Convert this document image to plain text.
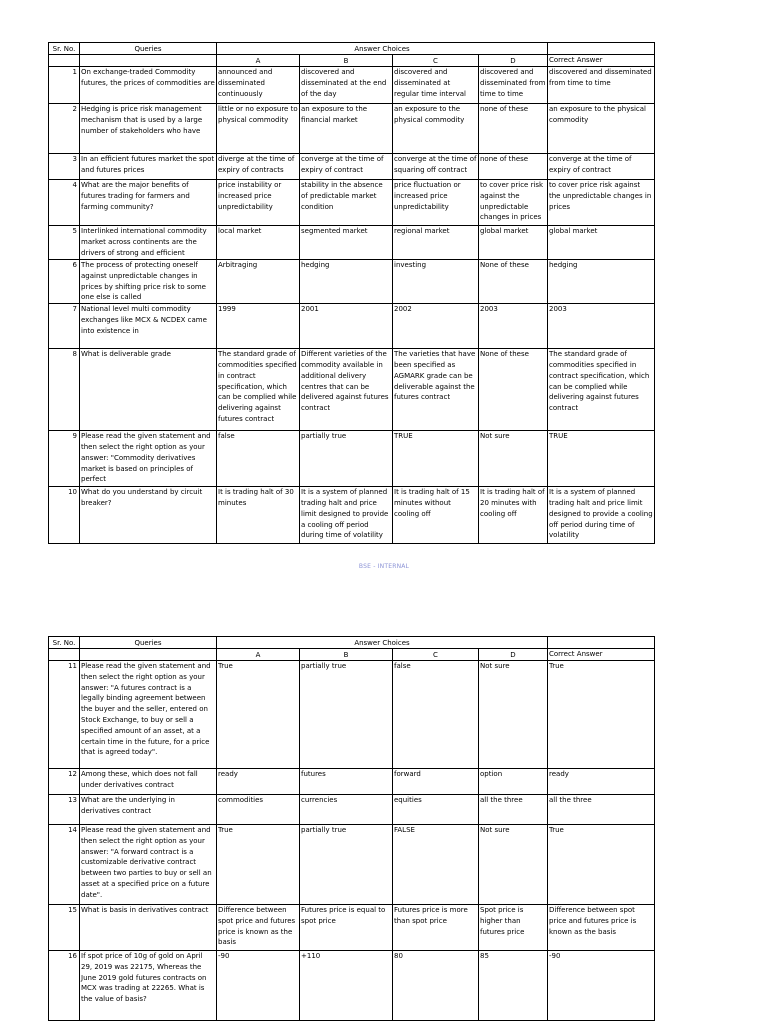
Sr. No.	Queries	Answer Choices				
		A	B	C	D	Correct Answer
1	On exchange-traded Commodity futures, the prices of commodities are	announced and disseminated continuously	discovered and disseminated at the end of the day	discovered and disseminated at regular time interval	discovered and disseminated from time to time	discovered and disseminated from time to time
2	Hedging is price risk management mechanism that is used by a large number of stakeholders who have	little or no exposure to physical commodity	an exposure to the financial market	an exposure to the physical commodity	none of these	an exposure to the physical commodity
3	In an efficient futures market the spot and futures prices	diverge at the time of expiry of contracts	converge at the time of expiry of contract	converge at the time of squaring off contract	none of these	converge at the time of expiry of contract
4	What are the major benefits of futures trading for farmers and farming community?	price instability or increased price unpredictability	stability in the absence of predictable market condition	price fluctuation or increased price unpredictability	to cover price risk against the unpredictable changes in prices	to cover price risk against the unpredictable changes in prices
5	Interlinked international commodity market across continents are the drivers of strong and efficient	local market	segmented market	regional market	global market	global market
6	The process of protecting oneself against unpredictable changes in prices by shifting price risk to some one else is called	Arbitraging	hedging	investing	None of these	hedging
7	National level multi commodity exchanges like MCX & NCDEX came into existence in	1999	2001	2002	2003	2003
8	What is deliverable grade	The standard grade of commodities specified in contract specification, which can be complied while delivering against futures contract	Different varieties of the commodity available in additional delivery centres that can be delivered against futures contract	The varieties that have been specified as AGMARK grade can be deliverable against the futures contract	None of these	The standard grade of commodities specified in contract specification, which can be complied while delivering against futures contract
9	Please read the given statement and then select the right option as your answer: "Commodity derivatives market is based on principles of perfect	false	partially true	TRUE	Not sure	TRUE
10	What do you understand by circuit breaker?	It is trading halt of 30 minutes	It is a system of planned trading halt and price limit designed to provide a cooling off period during time of volatility	It is trading halt of 15 minutes without cooling off	It is trading halt of 20 minutes with cooling off	It is a system of planned trading halt and price limit designed to provide a cooling off period during time of volatility
BSE - INTERNAL
Sr. No.	Queries	Answer Choices				
		A	B	C	D	Correct Answer
11	Please read the given statement and then select the right option as your answer: "A futures contract is a legally binding agreement between the buyer and the seller, entered on Stock Exchange, to buy or sell a specified amount of an asset, at a certain time in the future, for a price that is agreed today".	True	partially true	false	Not sure	True
12	Among these, which does not fall under derivatives contract	ready	futures	forward	option	ready
13	What are the underlying in derivatives contract	commodities	currencies	equities	all the three	all the three
14	Please read the given statement and then select the right option as your answer: "A forward contract is a customizable derivative contract between two parties to buy or sell an asset at a specified price on a future date".	True	partially true	FALSE	Not sure	True
15	What is basis in derivatives contract	Difference between spot price and futures price is known as the basis	Futures price is equal to spot price	Futures price is more than spot price	Spot price is higher than futures price	Difference between spot price and futures price is known as the basis
16	If spot price of 10g of gold on April 29, 2019 was 22175, Whereas the June 2019 gold futures contracts on MCX was trading at 22265. What is the value of basis?	-90	+110	80	85	-90
